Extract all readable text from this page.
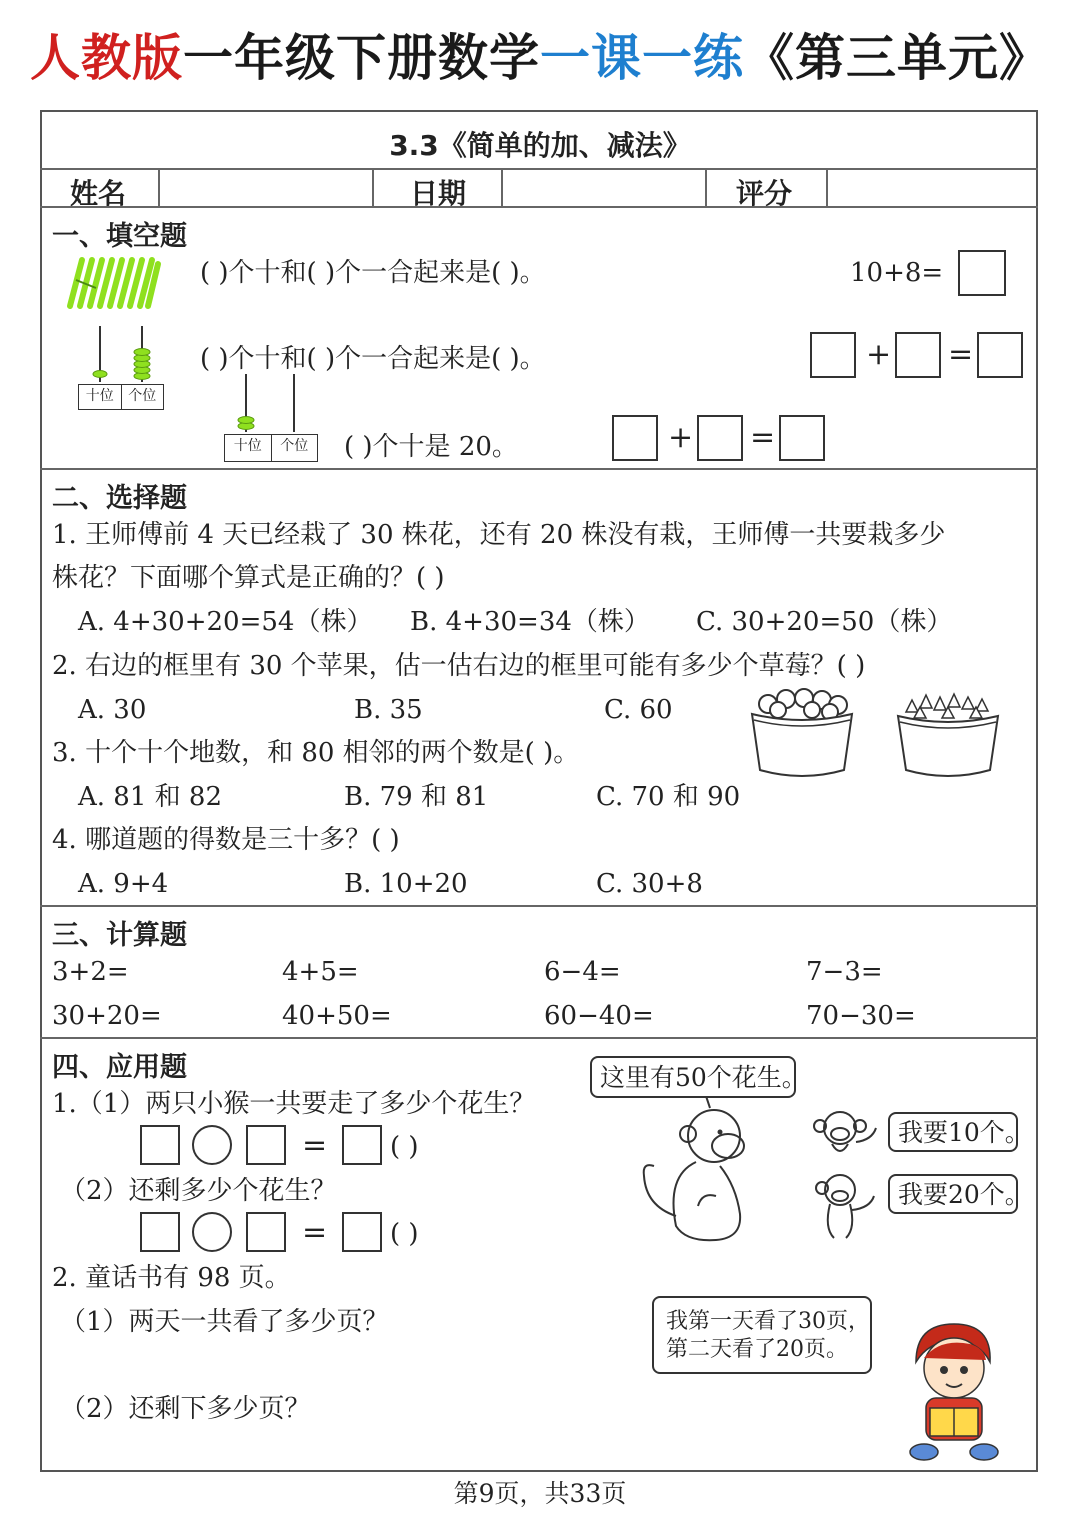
人教版一年级下册数学一课一练《第三单元》
3.3《简单的加、减法》
姓名	日期	评分
一、填空题
( )个十和( )个一合起来是( )。	10+8=
十位	个位
( )个十和( )个一合起来是( )。	+ =
十位	个位	( )个十是 20。	+ =
二、选择题
1. 王师傅前 4 天已经栽了 30 株花，还有 20 株没有栽，王师傅一共要栽多少
株花？下面哪个算式是正确的？( )
A. 4+30+20=54（株） B. 4+30=34（株） C. 30+20=50（株）
2. 右边的框里有 30 个苹果，估一估右边的框里可能有多少个草莓？( )
A. 30	B. 35	C. 60
3. 十个十个地数，和 80 相邻的两个数是( )。
A. 81 和 82	B. 79 和 81	C. 70 和 90
4. 哪道题的得数是三十多？( )
A. 9+4	B. 10+20	C. 30+8
三、计算题
3+2=	4+5=	6−4=	7−3=
30+20=	40+50=	60−40=	70−30=
四、应用题
1.（1）两只小猴一共要走了多少个花生？
= ( )
（2）还剩多少个花生？
= ( )
这里有50个花生。
我要10个。
我要20个。
2. 童话书有 98 页。
（1）两天一共看了多少页？
（2）还剩下多少页？
我第一天看了30页，
第二天看了20页。
第9页，共33页
